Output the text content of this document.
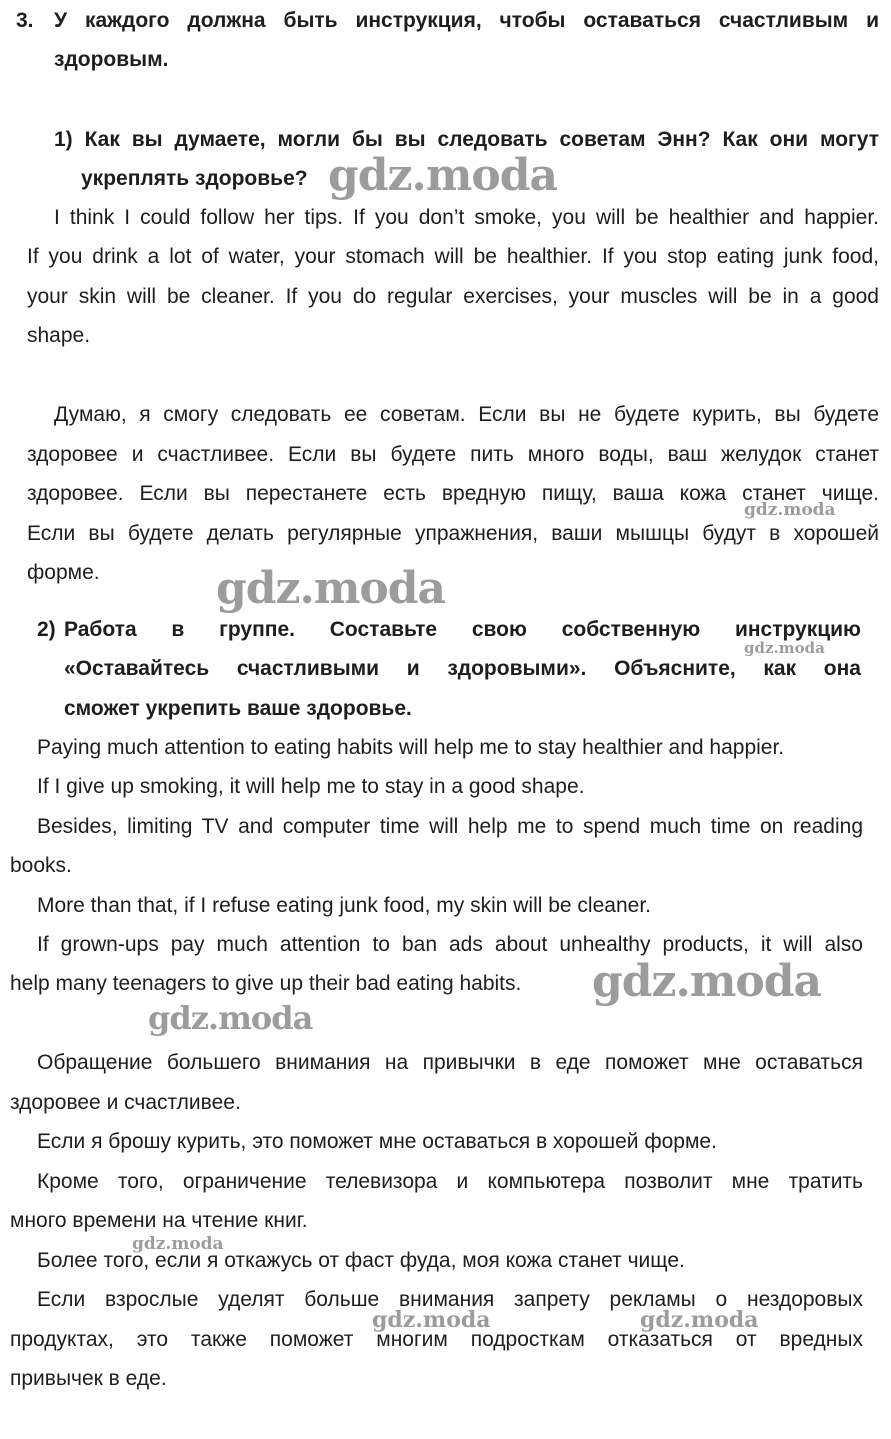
3. У каждого должна быть инструкция, чтобы оставаться счастливым и
здоровым.
1) Как вы думаете, могли бы вы следовать советам Энн? Как они могут
укреплять здоровье?
I think I could follow her tips. If you don’t smoke, you will be healthier and happier.
If you drink a lot of water, your stomach will be healthier. If you stop eating junk food,
your skin will be cleaner. If you do regular exercises, your muscles will be in a good
shape.
Думаю, я смогу следовать ее советам. Если вы не будете курить, вы будете
здоровее и счастливее. Если вы будете пить много воды, ваш желудок станет
здоровее. Если вы перестанете есть вредную пищу, ваша кожа станет чище.
Если вы будете делать регулярные упражнения, ваши мышцы будут в хорошей
форме.
2) Работа в группе. Составьте свою собственную инструкцию
«Оставайтесь счастливыми и здоровыми». Объясните, как она
сможет укрепить ваше здоровье.
Paying much attention to eating habits will help me to stay healthier and happier.
If I give up smoking, it will help me to stay in a good shape.
Besides, limiting TV and computer time will help me to spend much time on reading
books.
More than that, if I refuse eating junk food, my skin will be cleaner.
If grown-ups pay much attention to ban ads about unhealthy products, it will also
help many teenagers to give up their bad eating habits.
Обращение большего внимания на привычки в еде поможет мне оставаться
здоровее и счастливее.
Если я брошу курить, это поможет мне оставаться в хорошей форме.
Кроме того, ограничение телевизора и компьютера позволит мне тратить
много времени на чтение книг.
Более того, если я откажусь от фаст фуда, моя кожа станет чище.
Если взрослые уделят больше внимания запрету рекламы о нездоровых
продуктах, это также поможет многим подросткам отказаться от вредных
привычек в еде.
gdz.moda
gdz.moda
gdz.moda
gdz.moda
gdz.moda
gdz.moda
gdz.moda
gdz.moda	gdz.moda
